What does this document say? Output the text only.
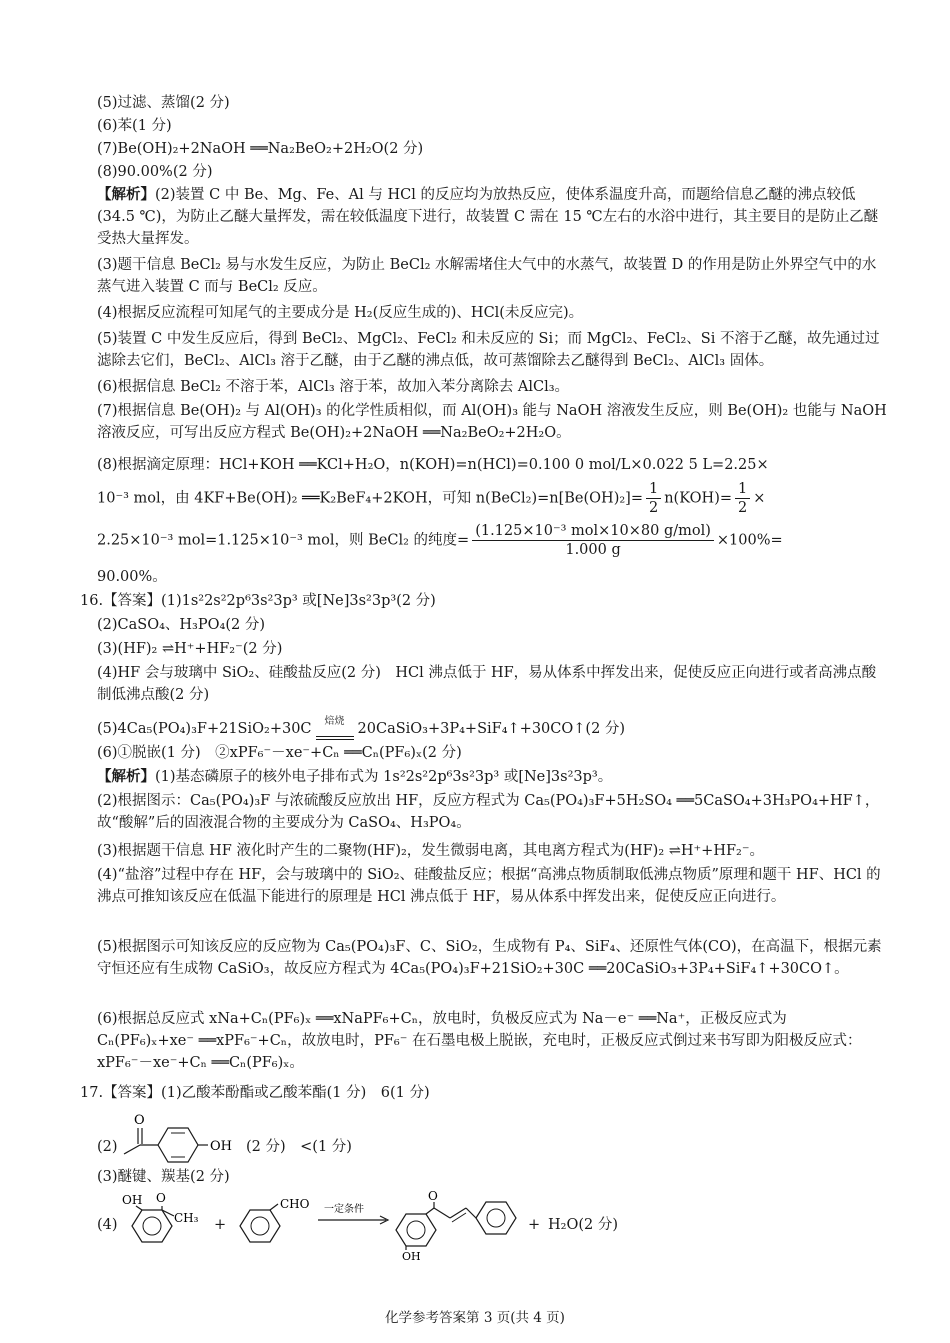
(5)过滤、蒸馏(2 分)
(6)苯(1 分)
(7)Be(OH)₂+2NaOH ══Na₂BeO₂+2H₂O(2 分)
(8)90.00%(2 分)
【解析】(2)装置 C 中 Be、Mg、Fe、Al 与 HCl 的反应均为放热反应，使体系温度升高，而题给信息乙醚的沸点较低(34.5 ℃)，为防止乙醚大量挥发，需在较低温度下进行，故装置 C 需在 15 ℃左右的水浴中进行，其主要目的是防止乙醚受热大量挥发。
(3)题干信息 BeCl₂ 易与水发生反应，为防止 BeCl₂ 水解需堵住大气中的水蒸气，故装置 D 的作用是防止外界空气中的水蒸气进入装置 C 而与 BeCl₂ 反应。
(4)根据反应流程可知尾气的主要成分是 H₂(反应生成的)、HCl(未反应完)。
(5)装置 C 中发生反应后，得到 BeCl₂、MgCl₂、FeCl₂ 和未反应的 Si；而 MgCl₂、FeCl₂、Si 不溶于乙醚，故先通过过滤除去它们，BeCl₂、AlCl₃ 溶于乙醚，由于乙醚的沸点低，故可蒸馏除去乙醚得到 BeCl₂、AlCl₃ 固体。
(6)根据信息 BeCl₂ 不溶于苯，AlCl₃ 溶于苯，故加入苯分离除去 AlCl₃。
(7)根据信息 Be(OH)₂ 与 Al(OH)₃ 的化学性质相似，而 Al(OH)₃ 能与 NaOH 溶液发生反应，则 Be(OH)₂ 也能与 NaOH 溶液反应，可写出反应方程式 Be(OH)₂+2NaOH ══Na₂BeO₂+2H₂O。
(8)根据滴定原理：HCl+KOH ══KCl+H₂O，n(KOH)=n(HCl)=0.100 0 mol/L×0.022 5 L=2.25×
10⁻³ mol，由 4KF+Be(OH)₂ ══K₂BeF₄+2KOH，可知 n(BeCl₂)=n[Be(OH)₂]= $\frac{1}{2} n(KOH)= \frac{1}{2}$ ×
2.25×10⁻³ mol=1.125×10⁻³ mol，则 BeCl₂ 的纯度= $\frac{\text{(1.125×10⁻³ mol×10×80 g/mol)}}{1.000 g} \times 100\%=$
90.00%。
16.【答案】(1)1s²2s²2p⁶3s²3p³ 或[Ne]3s²3p³(2 分)
(2)CaSO₄、H₃PO₄(2 分)
(3)(HF)₂ ⇌H⁺+HF₂⁻(2 分)
(4)HF 会与玻璃中 SiO₂、硅酸盐反应(2 分)　HCl 沸点低于 HF，易从体系中挥发出来，促使反应正向进行或者高沸点酸制低沸点酸(2 分)
(5)4Ca₅(PO₄)₃F+21SiO₂+30C	焙烧 20CaSiO₃+3P₄+SiF₄↑+30CO↑(2 分)
(6)①脱嵌(1 分)　②xPF₆⁻－xe⁻+Cₙ ══Cₙ(PF₆)ₓ(2 分)
【解析】(1)基态磷原子的核外电子排布式为 1s²2s²2p⁶3s²3p³ 或[Ne]3s²3p³。
(2)根据图示：Ca₅(PO₄)₃F 与浓硫酸反应放出 HF，反应方程式为 Ca₅(PO₄)₃F+5H₂SO₄ ══5CaSO₄+3H₃PO₄+HF↑，故“酸解”后的固液混合物的主要成分为 CaSO₄、H₃PO₄。
(3)根据题干信息 HF 液化时产生的二聚物(HF)₂，发生微弱电离，其电离方程式为(HF)₂ ⇌H⁺+HF₂⁻。
(4)“盐溶”过程中存在 HF，会与玻璃中的 SiO₂、硅酸盐反应；根据“高沸点物质制取低沸点物质”原理和题干 HF、HCl 的沸点可推知该反应在低温下能进行的原理是 HCl 沸点低于 HF，易从体系中挥发出来，促使反应正向进行。
(5)根据图示可知该反应的反应物为 Ca₅(PO₄)₃F、C、SiO₂，生成物有 P₄、SiF₄、还原性气体(CO)，在高温下，根据元素守恒还应有生成物 CaSiO₃，故反应方程式为 4Ca₅(PO₄)₃F+21SiO₂+30C ══20CaSiO₃+3P₄+SiF₄↑+30CO↑。
(6)根据总反应式 xNa+Cₙ(PF₆)ₓ ══xNaPF₆+Cₙ，放电时，负极反应式为 Na－e⁻ ══Na⁺，正极反应式为 Cₙ(PF₆)ₓ+xe⁻ ══xPF₆⁻+Cₙ，故放电时，PF₆⁻ 在石墨电极上脱嵌，充电时，正极反应式倒过来书写即为阳极反应式：xPF₆⁻－xe⁻+Cₙ ══Cₙ(PF₆)ₓ。
17.【答案】(1)乙酸苯酚酯或乙酸苯酯(1 分)　6(1 分)
(2)
O
OH (2 分)　<(1 分)
(3)醚键、羰基(2 分)
(4)
OH O
CH₃ +
CHO 一定条件
O
OH
+ H₂O(2 分)
化学参考答案第 3 页(共 4 页)
